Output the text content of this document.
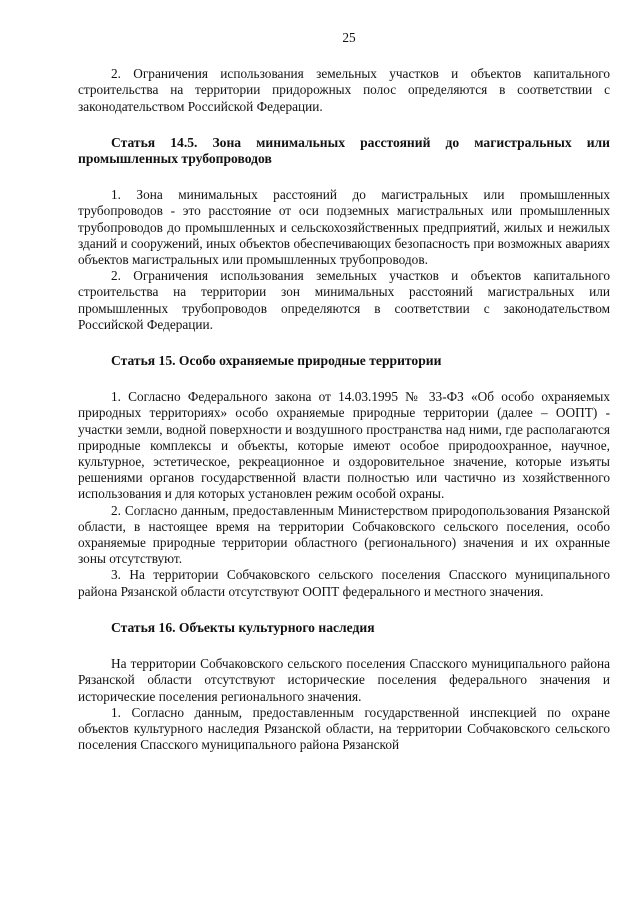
25

2. Ограничения использования земельных участков и объектов капитального строительства на территории придорожных полос определяются в соответствии с законодательством Российской Федерации.

Статья 14.5. Зона минимальных расстояний до магистральных или промышленных трубопроводов

1. Зона минимальных расстояний до магистральных или промышленных трубопроводов - это расстояние от оси подземных магистральных или промышленных трубопроводов до промышленных и сельскохозяйственных предприятий, жилых и нежилых зданий и сооружений, иных объектов обеспечивающих безопасность при возможных авариях объектов магистральных или промышленных трубопроводов.

2. Ограничения использования земельных участков и объектов капитального строительства на территории зон минимальных расстояний магистральных или промышленных трубопроводов определяются в соответствии с законодательством Российской Федерации.

Статья 15. Особо охраняемые природные территории

1. Согласно Федерального закона от 14.03.1995 № 33-ФЗ «Об особо охраняемых природных территориях» особо охраняемые природные территории (далее – ООПТ) - участки земли, водной поверхности и воздушного пространства над ними, где располагаются природные комплексы и объекты, которые имеют особое природоохранное, научное, культурное, эстетическое, рекреационное и оздоровительное значение, которые изъяты решениями органов государственной власти полностью или частично из хозяйственного использования и для которых установлен режим особой охраны.

2. Согласно данным, предоставленным Министерством природопользования Рязанской области, в настоящее время на территории Собчаковского сельского поселения, особо охраняемые природные территории областного (регионального) значения и их охранные зоны отсутствуют.

3. На территории Собчаковского сельского поселения Спасского муниципального района Рязанской области отсутствуют ООПТ федерального и местного значения.

Статья 16. Объекты культурного наследия

На территории Собчаковского сельского поселения Спасского муниципального района Рязанской области отсутствуют исторические поселения федерального значения и исторические поселения регионального значения.

1. Согласно данным, предоставленным государственной инспекцией по охране объектов культурного наследия Рязанской области, на территории Собчаковского сельского поселения Спасского муниципального района Рязанской
